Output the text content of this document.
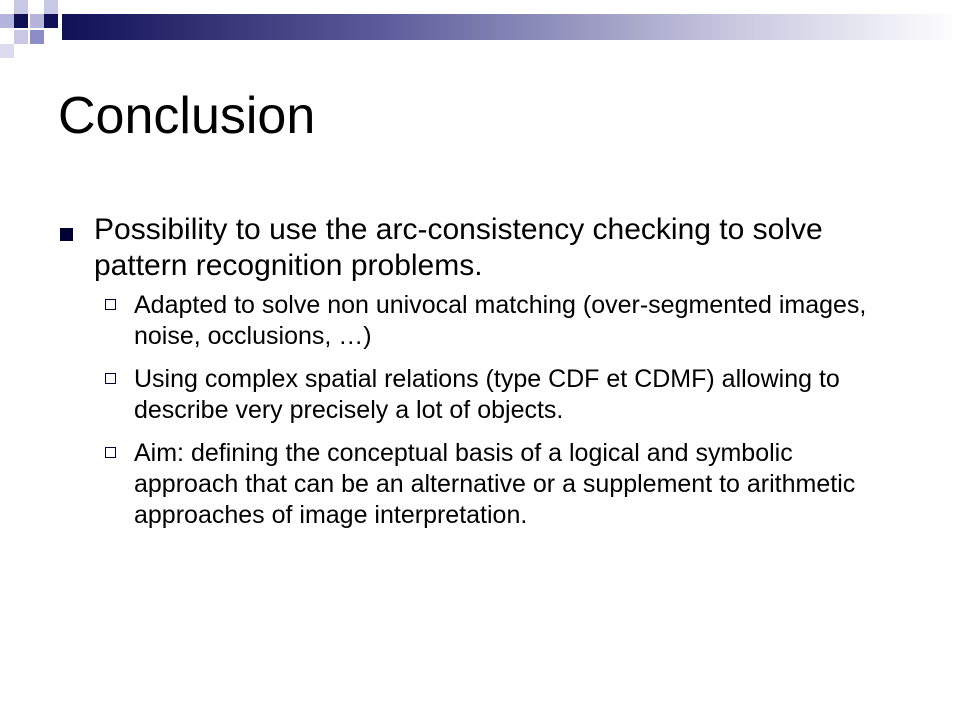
Conclusion
Possibility to use the arc-consistency checking to solve pattern recognition problems.
Adapted to solve non univocal matching (over-segmented images, noise, occlusions, …)
Using complex spatial relations (type CDF et CDMF) allowing to describe very precisely a lot of objects.
Aim: defining the conceptual basis of a logical and symbolic approach that can be an alternative or a supplement to arithmetic approaches of image interpretation.
